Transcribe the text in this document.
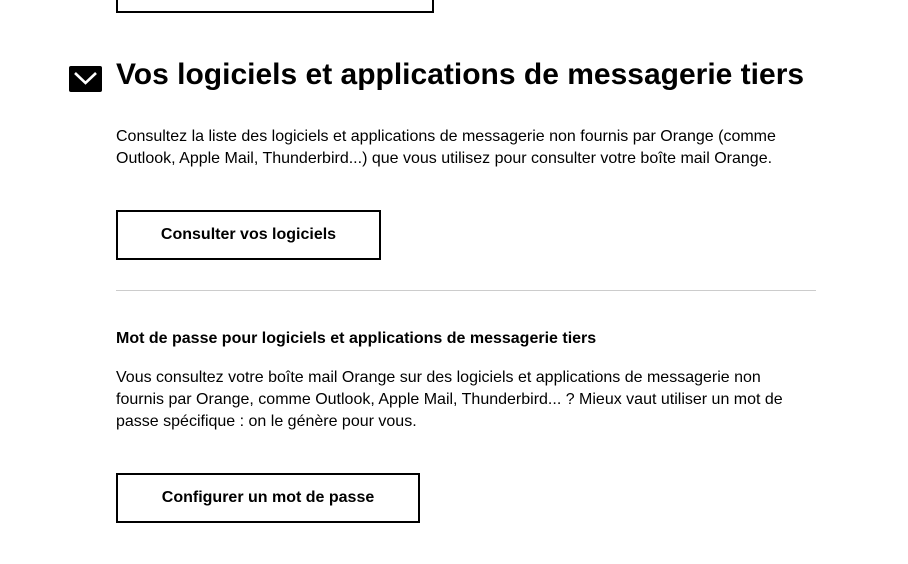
Vos logiciels et applications de messagerie tiers
Consultez la liste des logiciels et applications de messagerie non fournis par Orange (comme Outlook, Apple Mail, Thunderbird...) que vous utilisez pour consulter votre boîte mail Orange.
Consulter vos logiciels
Mot de passe pour logiciels et applications de messagerie tiers
Vous consultez votre boîte mail Orange sur des logiciels et applications de messagerie non fournis par Orange, comme Outlook, Apple Mail, Thunderbird... ? Mieux vaut utiliser un mot de passe spécifique : on le génère pour vous.
Configurer un mot de passe
